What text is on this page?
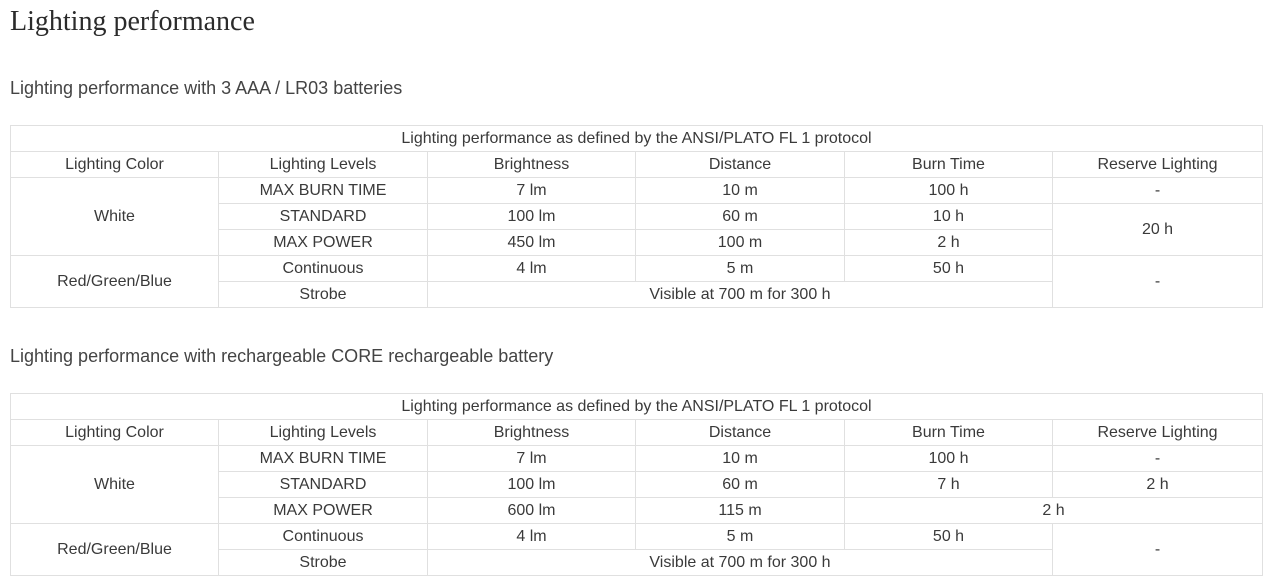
Lighting performance
Lighting performance with 3 AAA / LR03 batteries
Lighting performance as defined by the ANSI/PLATO FL 1 protocol					
Lighting Color	Lighting Levels	Brightness	Distance	Burn Time	Reserve Lighting
White	MAX BURN TIME	7 lm	10 m	100 h	-
	STANDARD	100 lm	60 m	10 h	20 h
	MAX POWER	450 lm	100 m	2 h	
Red/Green/Blue	Continuous	4 lm	5 m	50 h	-
	Strobe	Visible at 700 m for 300 h			
Lighting performance with rechargeable CORE rechargeable battery
Lighting performance as defined by the ANSI/PLATO FL 1 protocol					
Lighting Color	Lighting Levels	Brightness	Distance	Burn Time	Reserve Lighting
White	MAX BURN TIME	7 lm	10 m	100 h	-
	STANDARD	100 lm	60 m	7 h	2 h
	MAX POWER	600 lm	115 m	2 h	
Red/Green/Blue	Continuous	4 lm	5 m	50 h	-
	Strobe	Visible at 700 m for 300 h			
